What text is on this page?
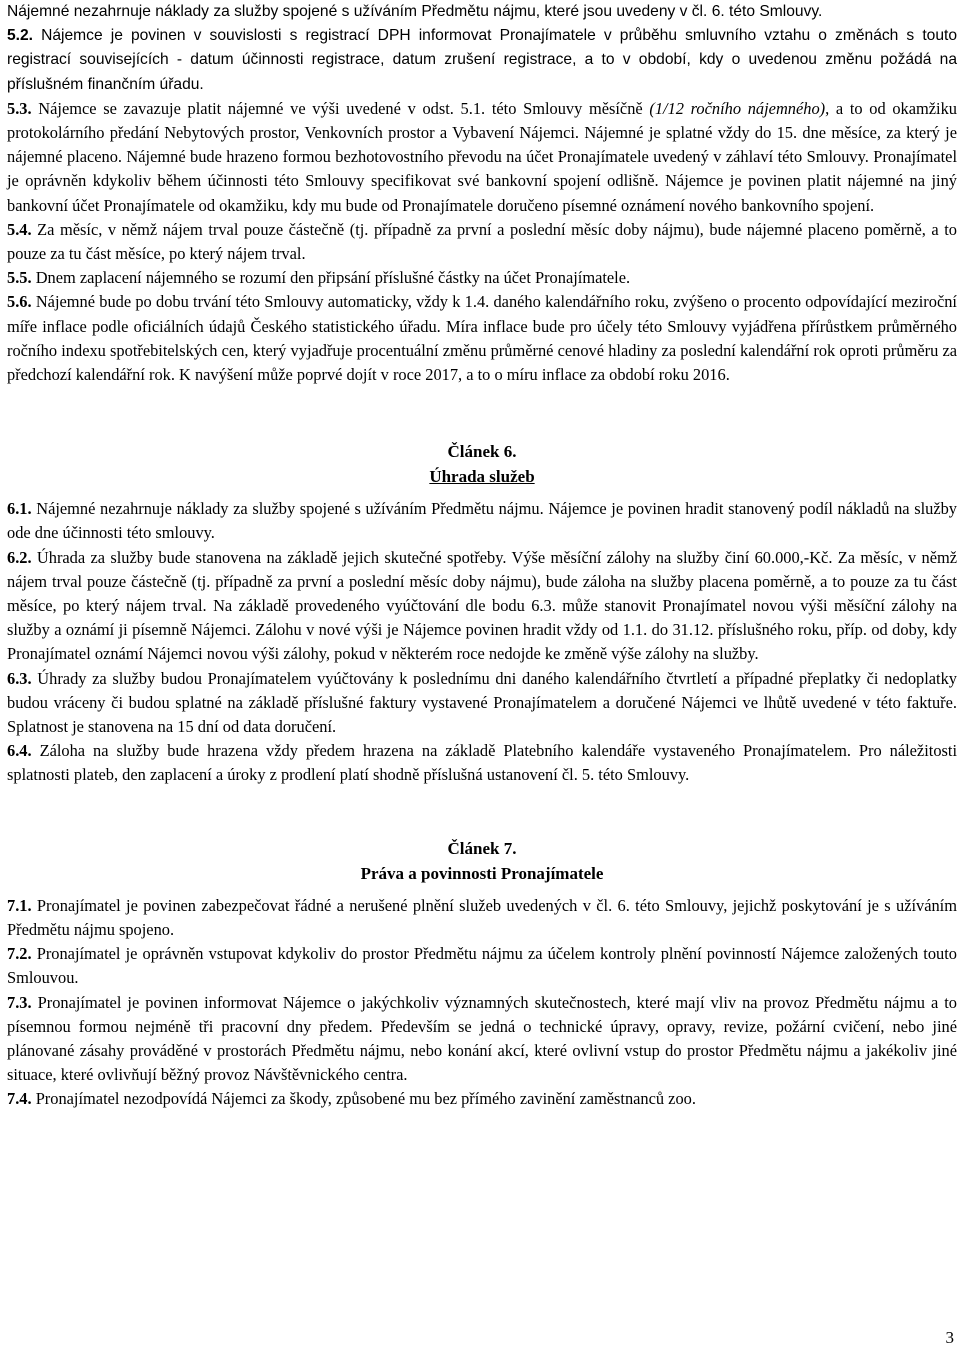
Nájemné nezahrnuje náklady za služby spojené s užíváním Předmětu nájmu, které jsou uvedeny v čl. 6. této Smlouvy.

5.2. Nájemce je povinen v souvislosti s registrací DPH informovat Pronajímatele v průběhu smluvního vztahu o změnách s touto registrací souvisejících - datum účinnosti registrace, datum zrušení registrace, a to v období, kdy o uvedenou změnu požádá na příslušném finančním úřadu.

5.3. Nájemce se zavazuje platit nájemné ve výši uvedené v odst. 5.1. této Smlouvy měsíčně (1/12 ročního nájemného), a to od okamžiku protokolárního předání Nebytových prostor, Venkovních prostor a Vybavení Nájemci. Nájemné je splatné vždy do 15. dne měsíce, za který je nájemné placeno. Nájemné bude hrazeno formou bezhotovostního převodu na účet Pronajímatele uvedený v záhlaví této Smlouvy. Pronajímatel je oprávněn kdykoliv během účinnosti této Smlouvy specifikovat své bankovní spojení odlišně. Nájemce je povinen platit nájemné na jiný bankovní účet Pronajímatele od okamžiku, kdy mu bude od Pronajímatele doručeno písemné oznámení nového bankovního spojení.

5.4. Za měsíc, v němž nájem trval pouze částečně (tj. případně za první a poslední měsíc doby nájmu), bude nájemné placeno poměrně, a to pouze za tu část měsíce, po který nájem trval.

5.5. Dnem zaplacení nájemného se rozumí den připsání příslušné částky na účet Pronajímatele.

5.6. Nájemné bude po dobu trvání této Smlouvy automaticky, vždy k 1.4. daného kalendářního roku, zvýšeno o procento odpovídající meziroční míře inflace podle oficiálních údajů Českého statistického úřadu. Míra inflace bude pro účely této Smlouvy vyjádřena přírůstkem průměrného ročního indexu spotřebitelských cen, který vyjadřuje procentuální změnu průměrné cenové hladiny za poslední kalendářní rok oproti průměru za předchozí kalendářní rok. K navýšení může poprvé dojít v roce 2017, a to o míru inflace za období roku 2016.

Článek 6.

Úhrada služeb

6.1. Nájemné nezahrnuje náklady za služby spojené s užíváním Předmětu nájmu. Nájemce je povinen hradit stanovený podíl nákladů na služby ode dne účinnosti této smlouvy.

6.2. Úhrada za služby bude stanovena na základě jejich skutečné spotřeby. Výše měsíční zálohy na služby činí 60.000,-Kč. Za měsíc, v němž nájem trval pouze částečně (tj. případně za první a poslední měsíc doby nájmu), bude záloha na služby placena poměrně, a to pouze za tu část měsíce, po který nájem trval. Na základě provedeného vyúčtování dle bodu 6.3. může stanovit Pronajímatel novou výši měsíční zálohy na služby a oznámí ji písemně Nájemci. Zálohu v nové výši je Nájemce povinen hradit vždy od 1.1. do 31.12. příslušného roku, příp. od doby, kdy Pronajímatel oznámí Nájemci novou výši zálohy, pokud v některém roce nedojde ke změně výše zálohy na služby.

6.3. Úhrady za služby budou Pronajímatelem vyúčtovány k poslednímu dni daného kalendářního čtvrtletí a případné přeplatky či nedoplatky budou vráceny či budou splatné na základě příslušné faktury vystavené Pronajímatelem a doručené Nájemci ve lhůtě uvedené v této faktuře. Splatnost je stanovena na 15 dní od data doručení.

6.4. Záloha na služby bude hrazena vždy předem hrazena na základě Platebního kalendáře vystaveného Pronajímatelem. Pro náležitosti splatnosti plateb, den zaplacení a úroky z prodlení platí shodně příslušná ustanovení čl. 5. této Smlouvy.

Článek 7.

Práva a povinnosti Pronajímatele

7.1. Pronajímatel je povinen zabezpečovat řádné a nerušené plnění služeb uvedených v čl. 6. této Smlouvy, jejichž poskytování je s užíváním Předmětu nájmu spojeno.

7.2. Pronajímatel je oprávněn vstupovat kdykoliv do prostor Předmětu nájmu za účelem kontroly plnění povinností Nájemce založených touto Smlouvou.

7.3. Pronajímatel je povinen informovat Nájemce o jakýchkoliv významných skutečnostech, které mají vliv na provoz Předmětu nájmu a to písemnou formou nejméně tři pracovní dny předem. Především se jedná o technické úpravy, opravy, revize, požární cvičení, nebo jiné plánované zásahy prováděné v prostorách Předmětu nájmu, nebo konání akcí, které ovlivní vstup do prostor Předmětu nájmu a jakékoliv jiné situace, které ovlivňují běžný provoz Návštěvnického centra.

7.4. Pronajímatel nezodpovídá Nájemci za škody, způsobené mu bez přímého zavinění zaměstnanců zoo.

3
